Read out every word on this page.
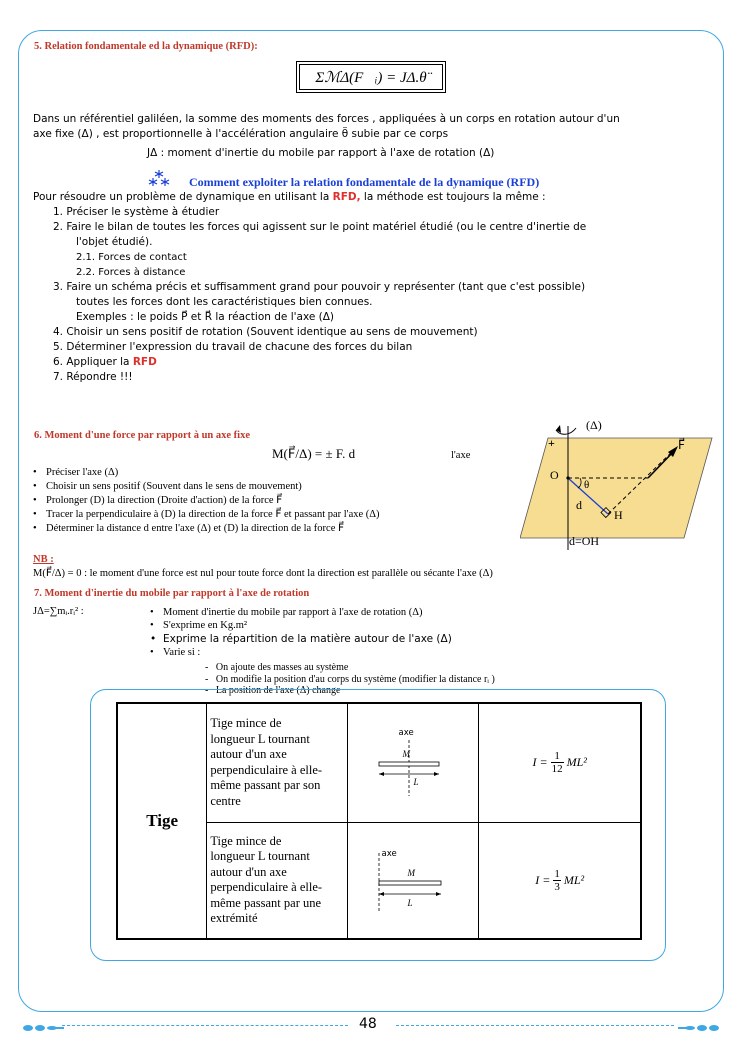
5. Relation fondamentale ed la dynamique (RFD):
ΣℳΔ(F⃗ᵢ) = JΔ.θ̈
Dans un référentiel galiléen, la somme des moments des forces , appliquées à un corps en rotation autour d'un
axe fixe (Δ) , est proportionnelle à l'accélération angulaire θ̈ subie par ce corps
JΔ : moment d'inertie du mobile par rapport à l'axe de rotation (Δ)
Comment exploiter la relation fondamentale de la dynamique (RFD)
Pour résoudre un problème de dynamique en utilisant la RFD, la méthode est toujours la même :
1. Préciser le système à étudier
2. Faire le bilan de toutes les forces qui agissent sur le point matériel étudié (ou le centre d'inertie de
l'objet étudié).
2.1. Forces de contact
2.2. Forces à distance
3. Faire un schéma précis et suffisamment grand pour pouvoir y représenter (tant que c'est possible)
toutes les forces dont les caractéristiques bien connues.
Exemples : le poids P⃗ et R⃗ la réaction de l'axe (Δ)
4. Choisir un sens positif de rotation (Souvent identique au sens de mouvement)
5. Déterminer l'expression du travail de chacune des forces du bilan
6. Appliquer la RFD
7. Répondre !!!
6. Moment d'une force par rapport à un axe fixe
M(F⃗/Δ) = ± F. d	l'axe
• Préciser l'axe (Δ)
• Choisir un sens positif (Souvent dans le sens de mouvement)
• Prolonger (D) la direction (Droite d'action) de la force F⃗
• Tracer la perpendiculaire à (D) la direction de la force F⃗ et passant par l'axe (Δ)
• Déterminer la distance d entre l'axe (Δ) et (D) la direction de la force F⃗
(Δ)
+	F⃗
O
θ
d
H
d=OH
NB :
M(F⃗/Δ) = 0 : le moment d'une force est nul pour toute force dont la direction est parallèle ou sécante l'axe (Δ)
7. Moment d'inertie du mobile par rapport à l'axe de rotation
JΔ=∑mᵢ.rᵢ² :
•	Moment d'inertie du mobile par rapport à l'axe de rotation (Δ)
• S'exprime en Kg.m²
• Exprime la répartition de la matière autour de l'axe (Δ)
• Varie si :
-   On ajoute des masses au système
-   On modifie la position d'au corps du système (modifier la distance rᵢ )
-   La position de l'axe (Δ) change
Tige	
Tige mince de
longueur L tournant
autour d'un axe
perpendiculaire à elle-
même passant par son
centre

axe
M
L

$I = \frac{1}{12} ML^2$

Tige mince de
longueur L tournant
autour d'un axe
perpendiculaire à elle-
même passant par une
extrémité

axe
M
L

$I = \frac{1}{3} ML^2$
48
